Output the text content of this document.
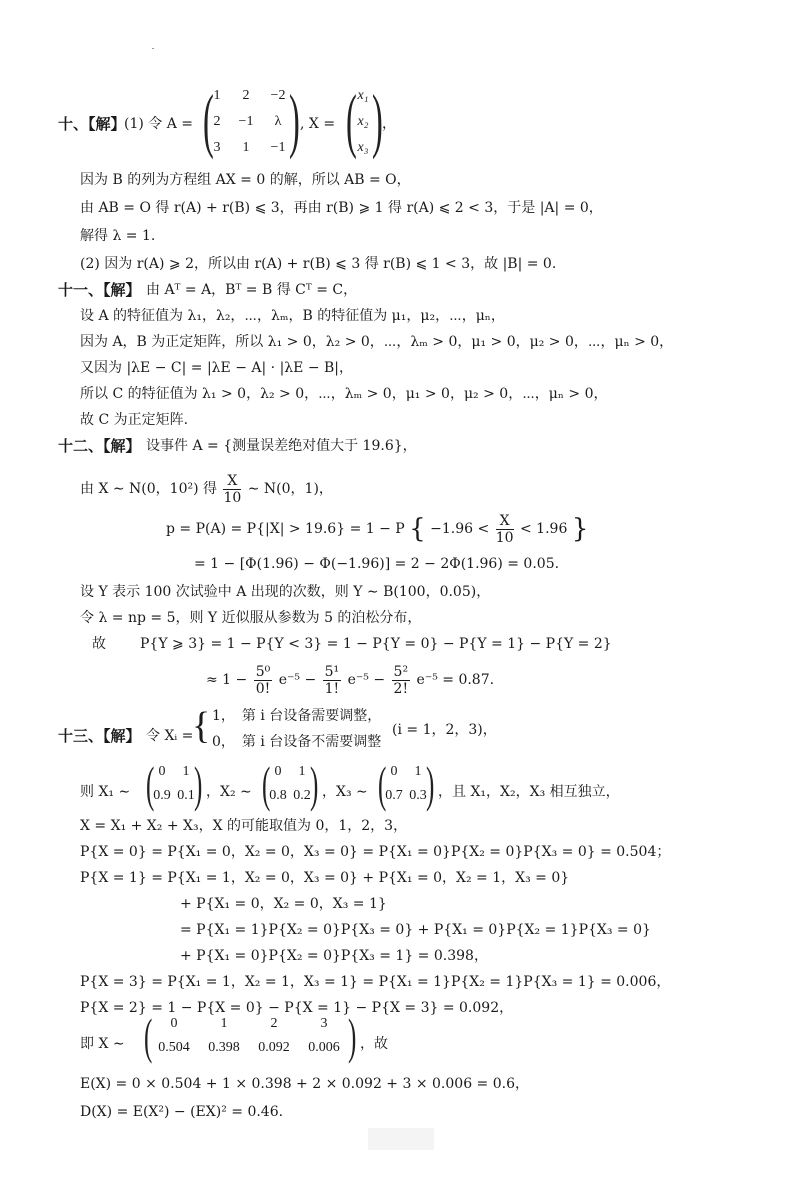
十、【解】
(1) 令 A = ( )
1	2	−2
2	−1	λ
3	1	−1
, X = ( )
x₁
x₂
x₃
，
因为 B 的列为方程组 AX = 0 的解，所以 AB = O，
由 AB = O 得 r(A) + r(B) ⩽ 3，再由 r(B) ⩾ 1 得 r(A) ⩽ 2 < 3，于是 |A| = 0，
解得 λ = 1.
(2) 因为 r(A) ⩾ 2，所以由 r(A) + r(B) ⩽ 3 得 r(B) ⩽ 1 < 3，故 |B| = 0.
十一、【解】 由 Aᵀ = A，Bᵀ = B 得 Cᵀ = C，
设 A 的特征值为 λ₁，λ₂，⋯，λₘ，B 的特征值为 μ₁，μ₂，⋯，μₙ，
因为 A，B 为正定矩阵，所以 λ₁ > 0，λ₂ > 0，⋯，λₘ > 0，μ₁ > 0，μ₂ > 0，⋯，μₙ > 0，
又因为 |λE − C| = |λE − A| · |λE − B|，
所以 C 的特征值为 λ₁ > 0，λ₂ > 0，⋯，λₘ > 0，μ₁ > 0，μ₂ > 0，⋯，μₙ > 0，
故 C 为正定矩阵.
十二、【解】 设事件 A = {测量误差绝对值大于 19.6}，
由 X ∼ N(0，10²) 得 $\frac{X}{10}$ ∼ N(0，1)，
p = P(A) = P{|X| > 19.6} = 1 − P { $-1.96 < \frac{X}{10} < 1.96$ }
= 1 − [Φ(1.96) − Φ(−1.96)] = 2 − 2Φ(1.96) = 0.05.
设 Y 表示 100 次试验中 A 出现的次数，则 Y ∼ B(100，0.05)，
令 λ = np = 5，则 Y 近似服从参数为 5 的泊松分布，
故 P{Y ⩾ 3} = 1 − P{Y < 3} = 1 − P{Y = 0} − P{Y = 1} − P{Y = 2}
≈ $1 - \frac{\text{5⁰}}{0!} e^{-5} - \frac{\text{5¹}}{1!} e^{-5} - \frac{\text{5²}}{2!} e^{-5} = 0.87$.
十三、【解】 令 Xᵢ =
{ 1，　第 i 台设备需要调整，
0，　第 i 台设备不需要调整
(i = 1，2，3)，
则 X₁ ∼ ( )
0	1
0.9 0.1 ，X₂ ∼ ( )
0	1
0.8 0.2 ，X₃ ∼ ( )
0	1
0.7 0.3 ，且 X₁，X₂，X₃ 相互独立，
X = X₁ + X₂ + X₃，X 的可能取值为 0，1，2，3，
P{X = 0} = P{X₁ = 0，X₂ = 0，X₃ = 0} = P{X₁ = 0}P{X₂ = 0}P{X₃ = 0} = 0.504；
P{X = 1} = P{X₁ = 1，X₂ = 0，X₃ = 0} + P{X₁ = 0，X₂ = 1，X₃ = 0}
+ P{X₁ = 0，X₂ = 0，X₃ = 1}
= P{X₁ = 1}P{X₂ = 0}P{X₃ = 0} + P{X₁ = 0}P{X₂ = 1}P{X₃ = 0}
+ P{X₁ = 0}P{X₂ = 0}P{X₃ = 1} = 0.398，
P{X = 3} = P{X₁ = 1，X₂ = 1，X₃ = 1} = P{X₁ = 1}P{X₂ = 1}P{X₃ = 1} = 0.006，
P{X = 2} = 1 − P{X = 0} − P{X = 1} − P{X = 3} = 0.092，
即 X ∼ (	)
0	1	2	3
0.504	0.398	0.092	0.006	，故
E(X) = 0 × 0.504 + 1 × 0.398 + 2 × 0.092 + 3 × 0.006 = 0.6，
D(X) = E(X²) − (EX)² = 0.46.
